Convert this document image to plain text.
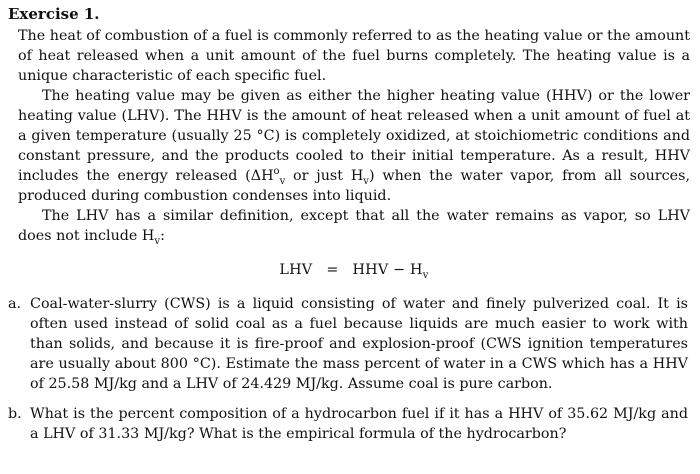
Exercise 1.

The heat of combustion of a fuel is commonly referred to as the heating value or the amount of heat released when a unit amount of the fuel burns completely. The heating value is a unique characteristic of each specific fuel.

The heating value may be given as either the higher heating value (HHV) or the lower heating value (LHV). The HHV is the amount of heat released when a unit amount of fuel at a given temperature (usually 25 °C) is completely oxidized, at stoichiometric conditions and constant pressure, and the products cooled to their initial temperature. As a result, HHV includes the energy released ($\Delta H^o_v$ or just $H_v$) when the water vapor, from all sources, produced during combustion condenses into liquid.

The LHV has a similar definition, except that all the water remains as vapor, so LHV does not include $H_v$:

LHV = HHV − $H_v$
a. Coal-water-slurry (CWS) is a liquid consisting of water and finely pulverized coal. It is often used instead of solid coal as a fuel because liquids are much easier to work with than solids, and because it is fire-proof and explosion-proof (CWS ignition temperatures are usually about 800 °C). Estimate the mass percent of water in a CWS which has a HHV of 25.58 MJ/kg and a LHV of 24.429 MJ/kg. Assume coal is pure carbon.
b. What is the percent composition of a hydrocarbon fuel if it has a HHV of 35.62 MJ/kg and a LHV of 31.33 MJ/kg? What is the empirical formula of the hydrocarbon?
